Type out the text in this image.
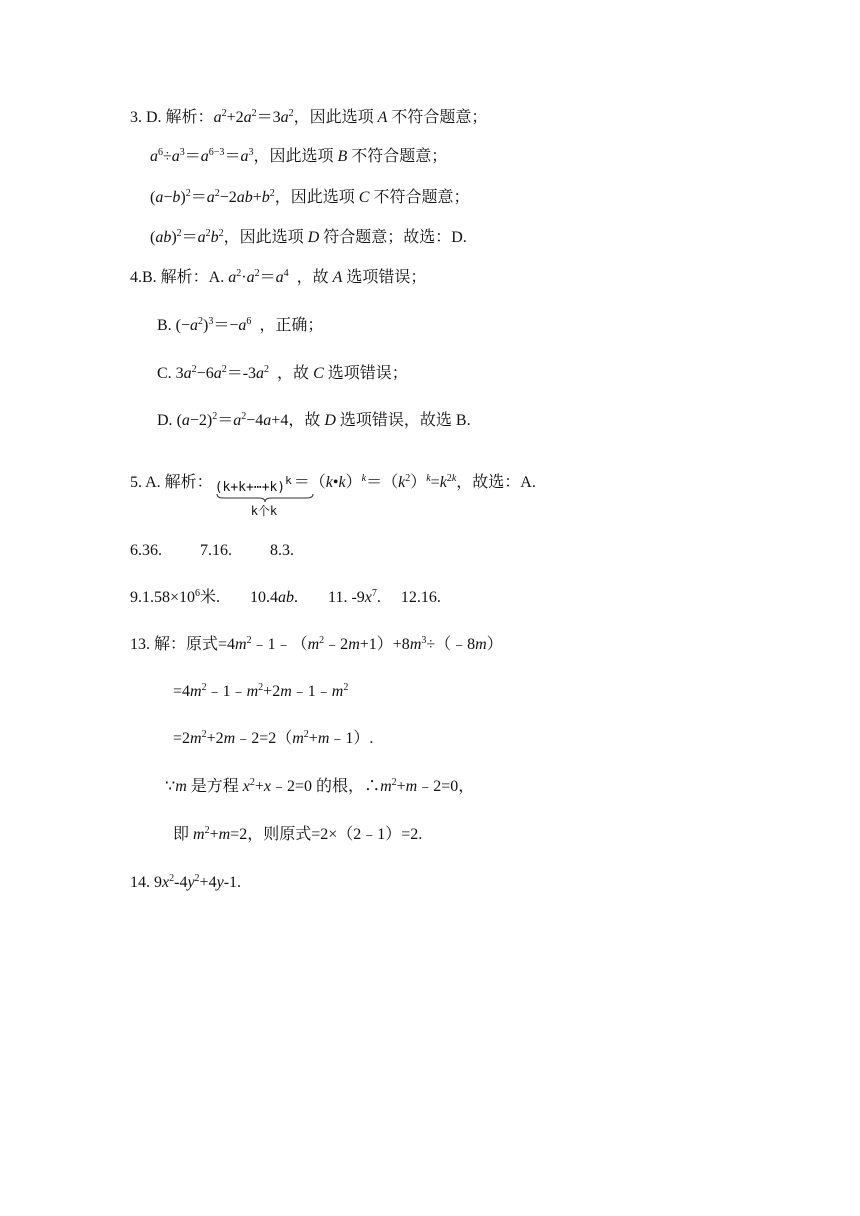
3. D. 解析：$a^2+2a^2=3a^2$，因此选项 A 不符合题意；
$a^6\div a^3=a^{6-3}=a^3$，因此选项 B 不符合题意；
$(a-b)^2=a^2-2ab+b^2$，因此选项 C 不符合题意；
$(ab)^2=a^2b^2$，因此选项 D 符合题意；故选：D.
4.B. 解析：A. $a^2\cdot a^2=a^4$ ，故 A 选项错误；
B. $(-a^2)^3=-a^6$ ，正确；
C. $3a^2-6a^2=-3a^2$ ，故 C 选项错误；
D. $(a-2)^2=a^2-4a+4$，故 D 选项错误，故选 B.
5. A. 解析： (k+k+⋯+k)$^k$
k个k
$=(k•k)^k=(k^2)^k=k^{2k}$，故选：A.
6.36. 7.16. 8.3.
$9.1.58\times 10^6$米. 10.4ab.  11. $-9x^7$.  12.16.
13. 解：原式$=4m^2﹣1﹣(m^2﹣2m+1)+8m^3\div(﹣8m)$
$=4m^2﹣1﹣m^2+2m﹣1﹣m^2$
$=2m^2+2m﹣2=2(m^2+m﹣1)$.
∵m 是方程 $x^2+x﹣2=0$ 的根，$\therefore m^2+m﹣2=0$，
即 $m^2+m=2$，则原式=2×（2﹣1）=2.
14. $9x^2-4y^2+4y-1$.
